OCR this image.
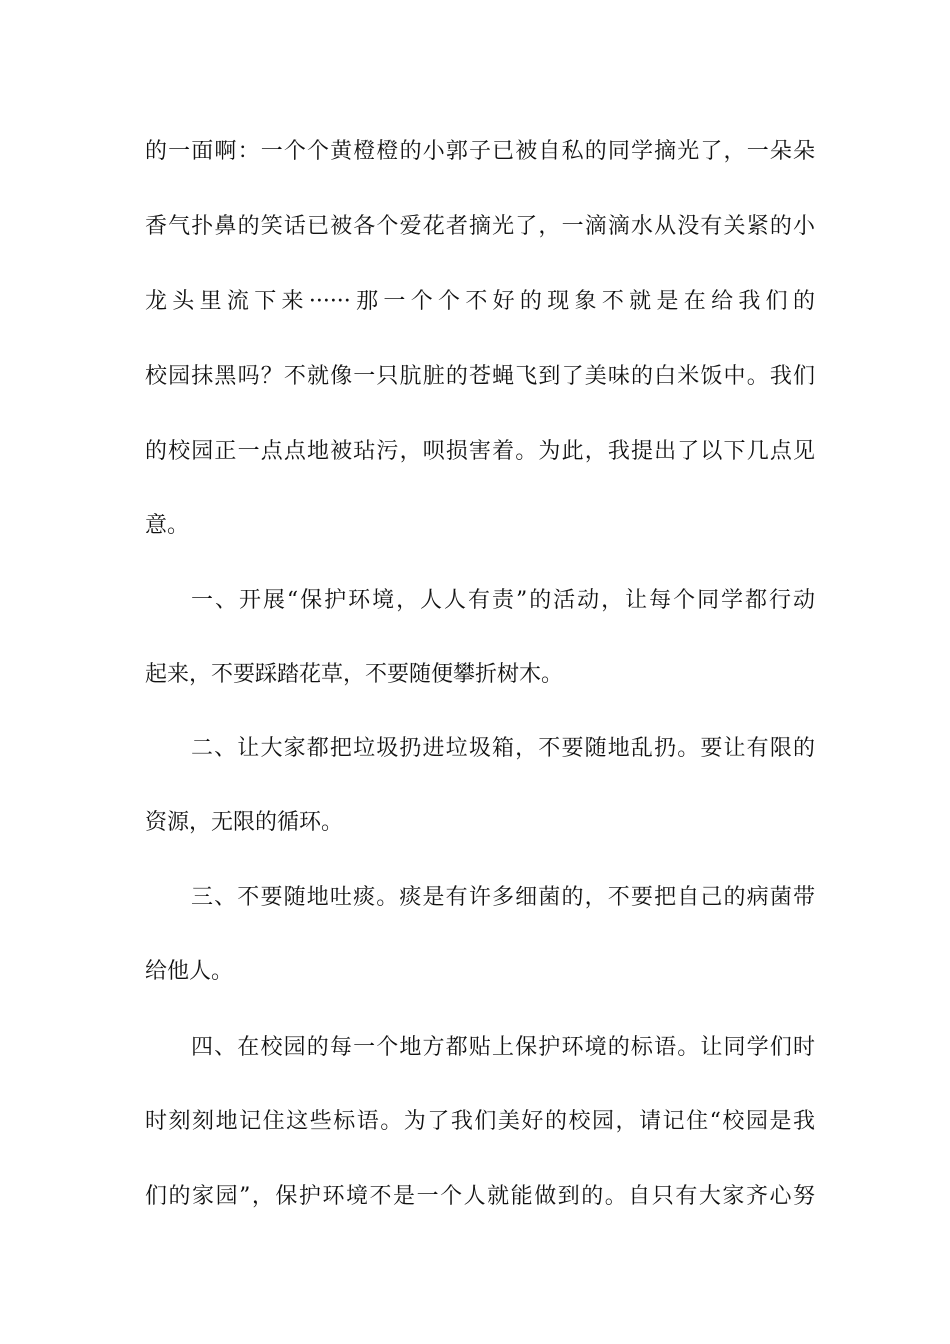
的一面啊：一个个黄橙橙的小郭子已被自私的同学摘光了，一朵朵
香气扑鼻的笑话已被各个爱花者摘光了，一滴滴水从没有关紧的小
龙头里流下来······那一个个不好的现象不就是在给我们的
校园抹黑吗？不就像一只肮脏的苍蝇飞到了美味的白米饭中。我们
的校园正一点点地被玷污，呗损害着。为此，我提出了以下几点见
意。
一、开展“保护环境，人人有责”的活动，让每个同学都行动
起来，不要踩踏花草，不要随便攀折树木。
二、让大家都把垃圾扔进垃圾箱，不要随地乱扔。要让有限的
资源，无限的循环。
三、不要随地吐痰。痰是有许多细菌的，不要把自己的病菌带
给他人。
四、在校园的每一个地方都贴上保护环境的标语。让同学们时
时刻刻地记住这些标语。为了我们美好的校园，请记住“校园是我
们的家园”，保护环境不是一个人就能做到的。自只有大家齐心努
